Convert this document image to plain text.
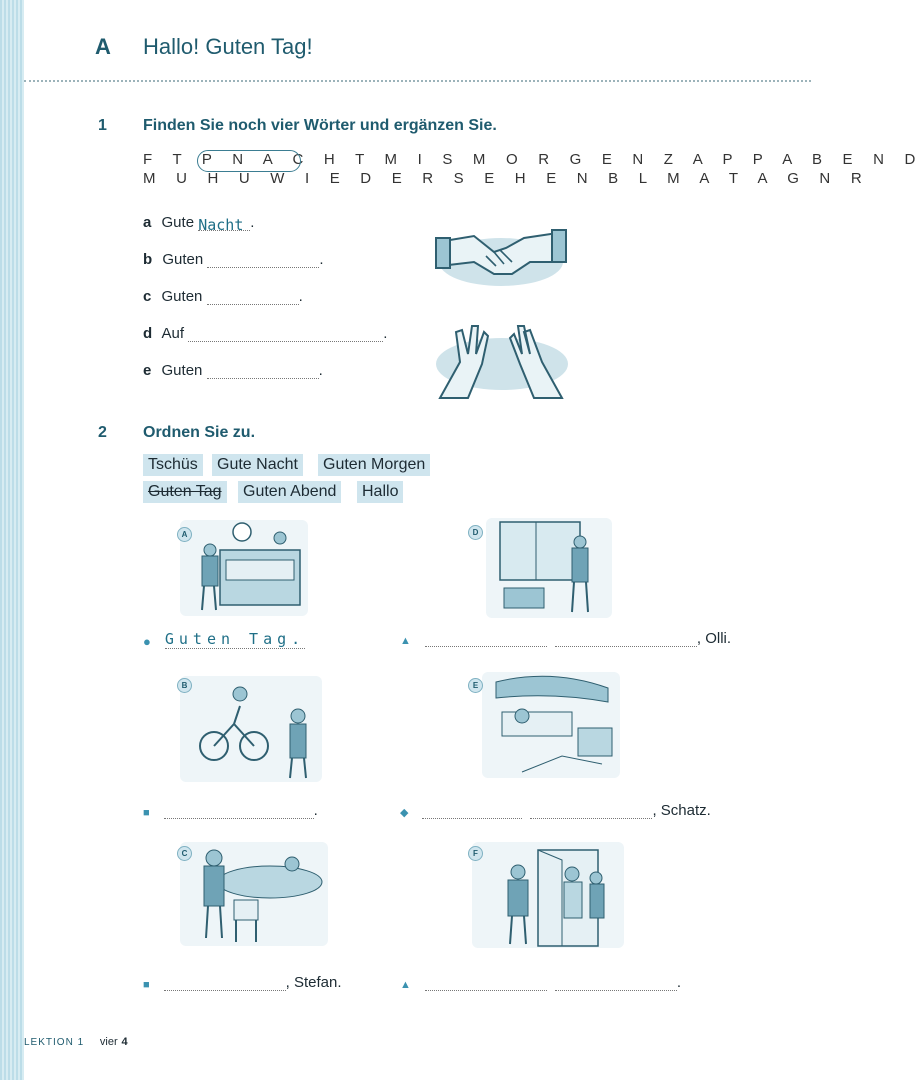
A Hallo! Guten Tag!
1 Finden Sie noch vier Wörter und ergänzen Sie.
F T P N A C H T M I S M O R G E N Z A P P A B E N D
M U H U W I E D E R S E H E N B L M A T A G N R
a Gute Nacht .
b Guten	.
c Guten	.
d Auf	.
e Guten	.
2 Ordnen Sie zu.
Tschüs	Gute Nacht	Guten Morgen
Guten Tag	Guten Abend	Hallo
A	D
● Guten Tag.	▲	, Olli.
B	E
■	.	◆	, Schatz.
C	F
■	, Stefan.	▲	.
LEKTION 1 vier 4
